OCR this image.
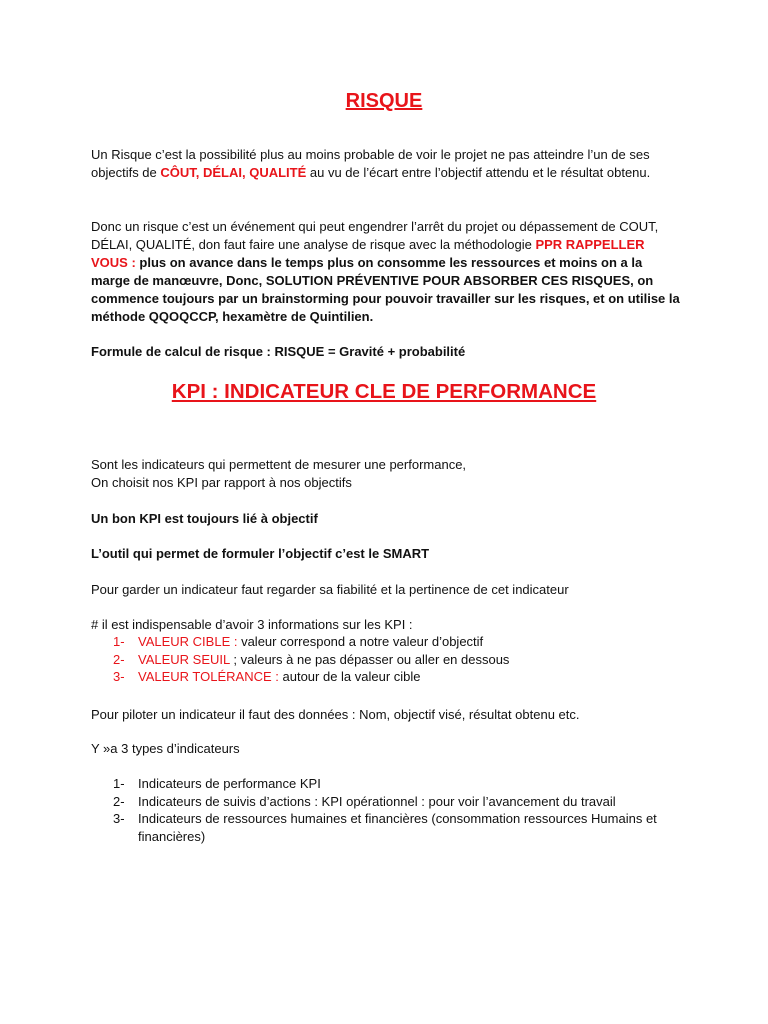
RISQUE

Un Risque c’est la possibilité plus au moins probable de voir le projet ne pas atteindre l’un de ses objectifs de CÔUT, DÉLAI, QUALITÉ au vu de l’écart entre l’objectif attendu et le résultat obtenu.

Donc un risque c’est un événement qui peut engendrer l’arrêt du projet ou dépassement de COUT, DÉLAI, QUALITÉ, don faut faire une analyse de risque avec la méthodologie PPR RAPPELLER VOUS : plus on avance dans le temps plus on consomme les ressources et moins on a la marge de manœuvre, Donc, SOLUTION PRÉVENTIVE POUR ABSORBER CES RISQUES, on commence toujours par un brainstorming pour pouvoir travailler sur les risques, et on utilise la méthode QQOQCCP, hexamètre de Quintilien.

Formule de calcul de risque : RISQUE = Gravité + probabilité

KPI : INDICATEUR CLE DE PERFORMANCE

Sont les indicateurs qui permettent de mesurer une performance,
On choisit nos KPI par rapport à nos objectifs

Un bon KPI est toujours lié à objectif

L’outil qui permet de formuler l’objectif c’est le SMART

Pour garder un indicateur faut regarder sa fiabilité et la pertinence de cet indicateur

# il est indispensable d’avoir 3 informations sur les KPI :

1- VALEUR CIBLE : valeur correspond a notre valeur d’objectif
2- VALEUR SEUIL ; valeurs à ne pas dépasser ou aller en dessous
3- VALEUR TOLÉRANCE : autour de la valeur cible

Pour piloter un indicateur il faut des données : Nom, objectif visé, résultat obtenu etc.

Y »a 3 types d’indicateurs

1- Indicateurs de performance KPI
2- Indicateurs de suivis d’actions : KPI opérationnel : pour voir l’avancement du travail
3- Indicateurs de ressources humaines et financières (consommation ressources Humains et financières)
